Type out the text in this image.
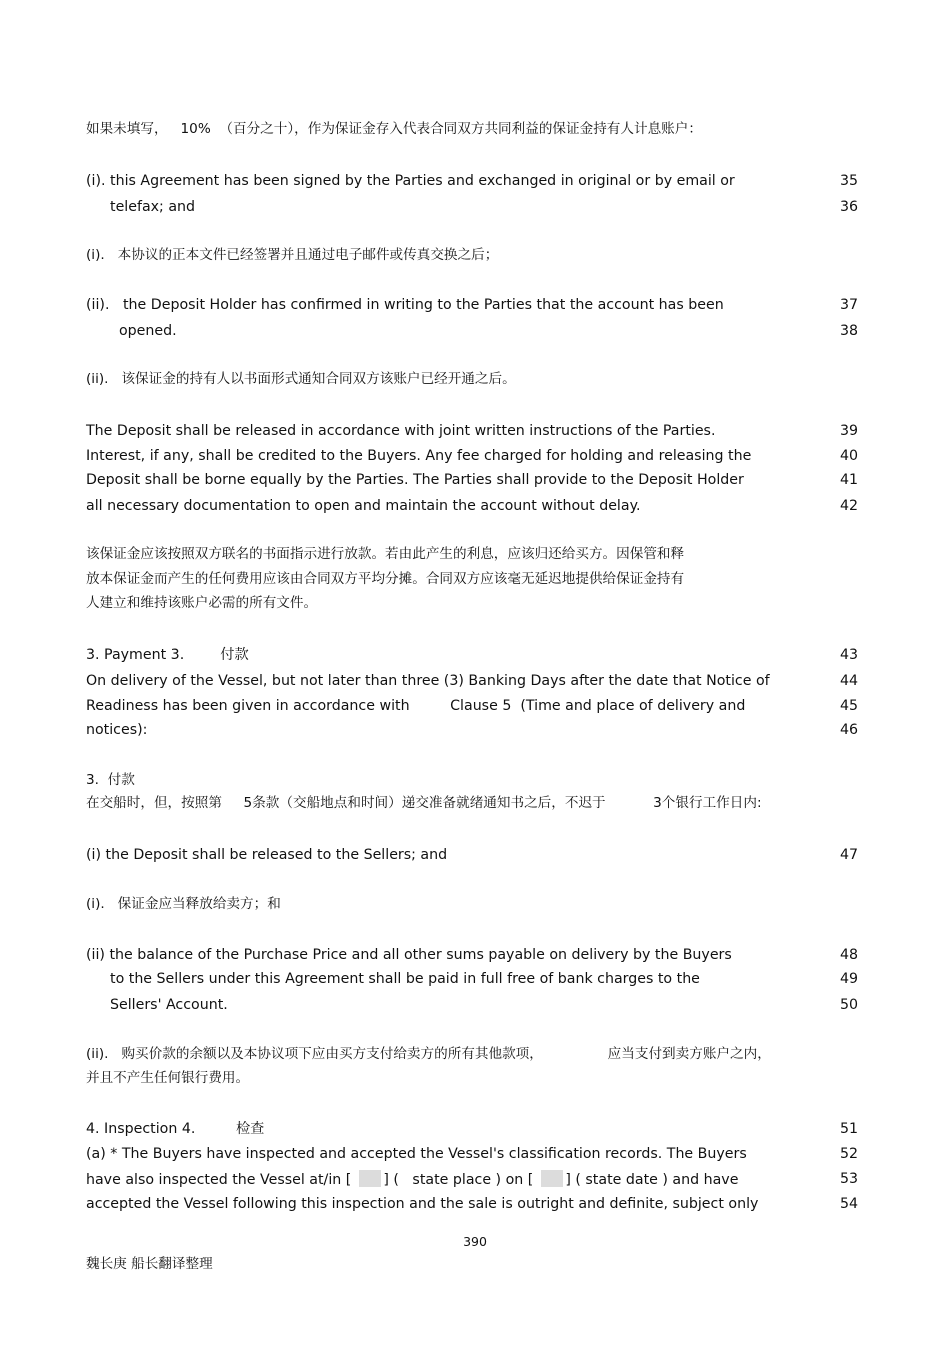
如果未填写，   10%  （百分之十），作为保证金存入代表合同双方共同利益的保证金持有人计息账户：
(i). this Agreement has been signed by the Parties and exchanged in original or by email or	35
telefax; and	36
(i).   本协议的正本文件已经签署并且通过电子邮件或传真交换之后；
(ii).   the Deposit Holder has confirmed in writing to the Parties that the account has been	37
opened.	38
(ii).   该保证金的持有人以书面形式通知合同双方该账户已经开通之后。
The Deposit shall be released in accordance with joint written instructions of the Parties.	39
Interest, if any, shall be credited to the Buyers. Any fee charged for holding and releasing the	40
Deposit shall be borne equally by the Parties. The Parties shall provide to the Deposit Holder	41
all necessary documentation to open and maintain the account without delay.	42
该保证金应该按照双方联名的书面指示进行放款。若由此产生的利息，应该归还给买方。因保管和释
放本保证金而产生的任何费用应该由合同双方平均分摊。合同双方应该毫无延迟地提供给保证金持有
人建立和维持该账户必需的所有文件。
3. Payment 3.        付款	43
On delivery of the Vessel, but not later than three (3) Banking Days after the date that Notice of	44
Readiness has been given in accordance with         Clause 5  (Time and place of delivery and	45
notices):	46
3.  付款
在交船时，但，按照第     5条款（交船地点和时间）递交准备就绪通知书之后，不迟于           3个银行工作日内:
(i) the Deposit shall be released to the Sellers; and	47
(i).   保证金应当释放给卖方；和
(ii) the balance of the Purchase Price and all other sums payable on delivery by the Buyers	48
to the Sellers under this Agreement shall be paid in full free of bank charges to the	49
Sellers' Account.	50
(ii).   购买价款的余额以及本协议项下应由买方支付给卖方的所有其他款项，               应当支付到卖方账户之内，
并且不产生任何银行费用。
4. Inspection 4.         检查	51
(a) * The Buyers have inspected and accepted the Vessel's classification records. The Buyers	52
have also inspected the Vessel at/in [ ] (   state place ) on [ ] ( state date ) and have	53
accepted the Vessel following this inspection and the sale is outright and definite, subject only	54
390
魏长庚 船长翻译整理
